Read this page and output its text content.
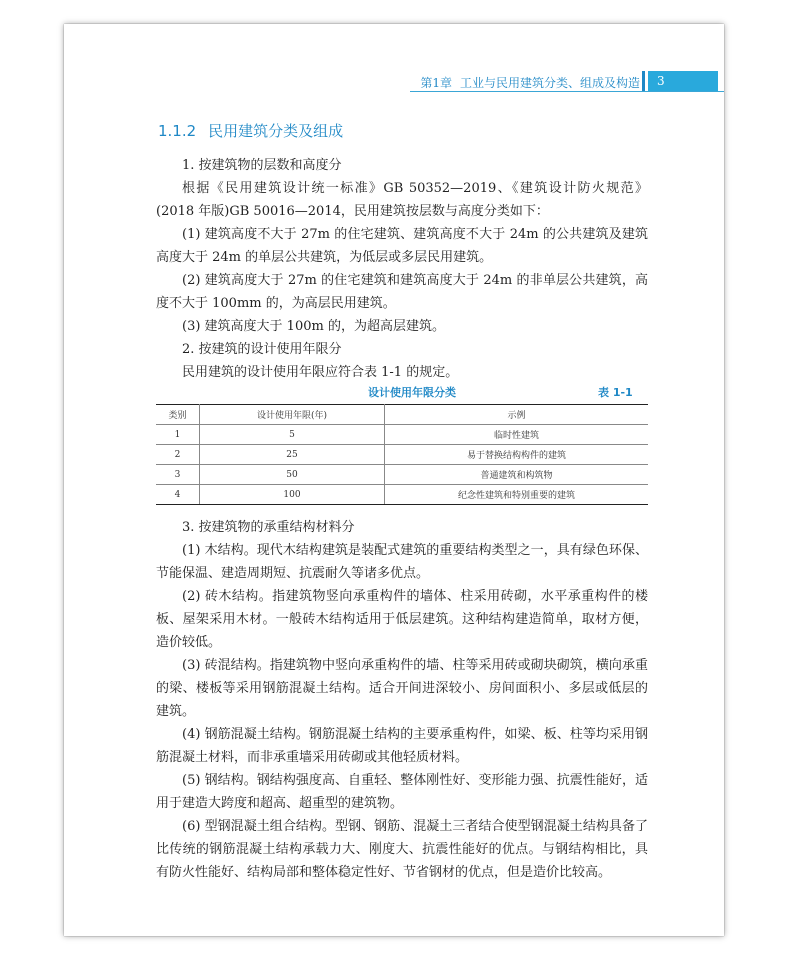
第1章 工业与民用建筑分类、组成及构造	3
1.1.2 民用建筑分类及组成

1. 按建筑物的层数和高度分

根据《民用建筑设计统一标准》GB 50352—2019、《建筑设计防火规范》(2018 年版)GB 50016—2014，民用建筑按层数与高度分类如下：

(1) 建筑高度不大于 27m 的住宅建筑、建筑高度不大于 24m 的公共建筑及建筑高度大于 24m 的单层公共建筑，为低层或多层民用建筑。

(2) 建筑高度大于 27m 的住宅建筑和建筑高度大于 24m 的非单层公共建筑，高度不大于 100mm 的，为高层民用建筑。

(3) 建筑高度大于 100m 的，为超高层建筑。

2. 按建筑的设计使用年限分

民用建筑的设计使用年限应符合表 1-1 的规定。

设计使用年限分类	表 1-1
类别	设计使用年限(年)	示例
1	5	临时性建筑
2	25	易于替换结构构件的建筑
3	50	普通建筑和构筑物
4	100	纪念性建筑和特别重要的建筑

3. 按建筑物的承重结构材料分

(1) 木结构。现代木结构建筑是装配式建筑的重要结构类型之一，具有绿色环保、节能保温、建造周期短、抗震耐久等诸多优点。

(2) 砖木结构。指建筑物竖向承重构件的墙体、柱采用砖砌，水平承重构件的楼板、屋架采用木材。一般砖木结构适用于低层建筑。这种结构建造简单，取材方便，造价较低。

(3) 砖混结构。指建筑物中竖向承重构件的墙、柱等采用砖或砌块砌筑，横向承重的梁、楼板等采用钢筋混凝土结构。适合开间进深较小、房间面积小、多层或低层的建筑。

(4) 钢筋混凝土结构。钢筋混凝土结构的主要承重构件，如梁、板、柱等均采用钢筋混凝土材料，而非承重墙采用砖砌或其他轻质材料。

(5) 钢结构。钢结构强度高、自重轻、整体刚性好、变形能力强、抗震性能好，适用于建造大跨度和超高、超重型的建筑物。

(6) 型钢混凝土组合结构。型钢、钢筋、混凝土三者结合使型钢混凝土结构具备了比传统的钢筋混凝土结构承载力大、刚度大、抗震性能好的优点。与钢结构相比，具有防火性能好、结构局部和整体稳定性好、节省钢材的优点，但是造价比较高。
